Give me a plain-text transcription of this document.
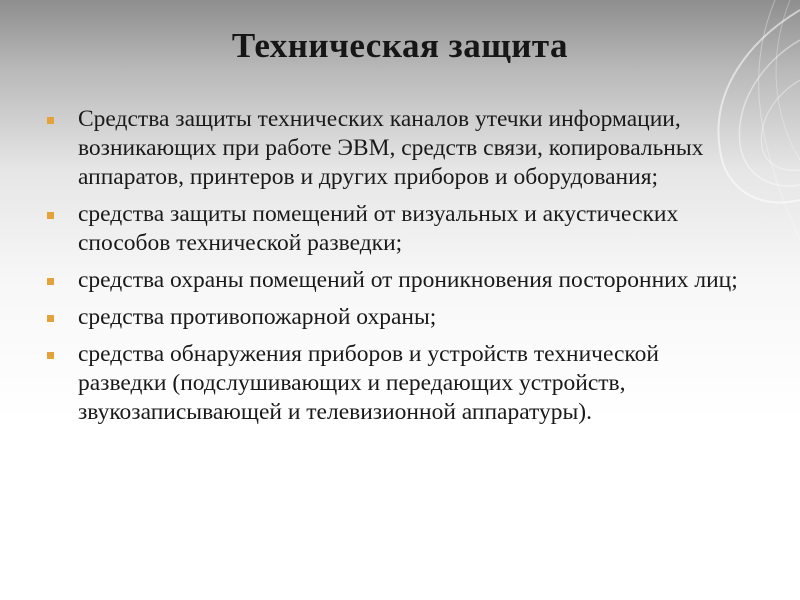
Техническая защита
Средства защиты технических каналов утечки информации, возникающих при работе ЭВМ, средств связи, копировальных аппаратов, принтеров и других приборов и оборудования;
средства защиты помещений от визуальных и акустических способов технической разведки;
средства охраны помещений от проникновения посторонних лиц;
средства противопожарной охраны;
средства обнаружения приборов и устройств технической разведки (подслушивающих и передающих устройств, звукозаписывающей и телевизионной аппаратуры).
